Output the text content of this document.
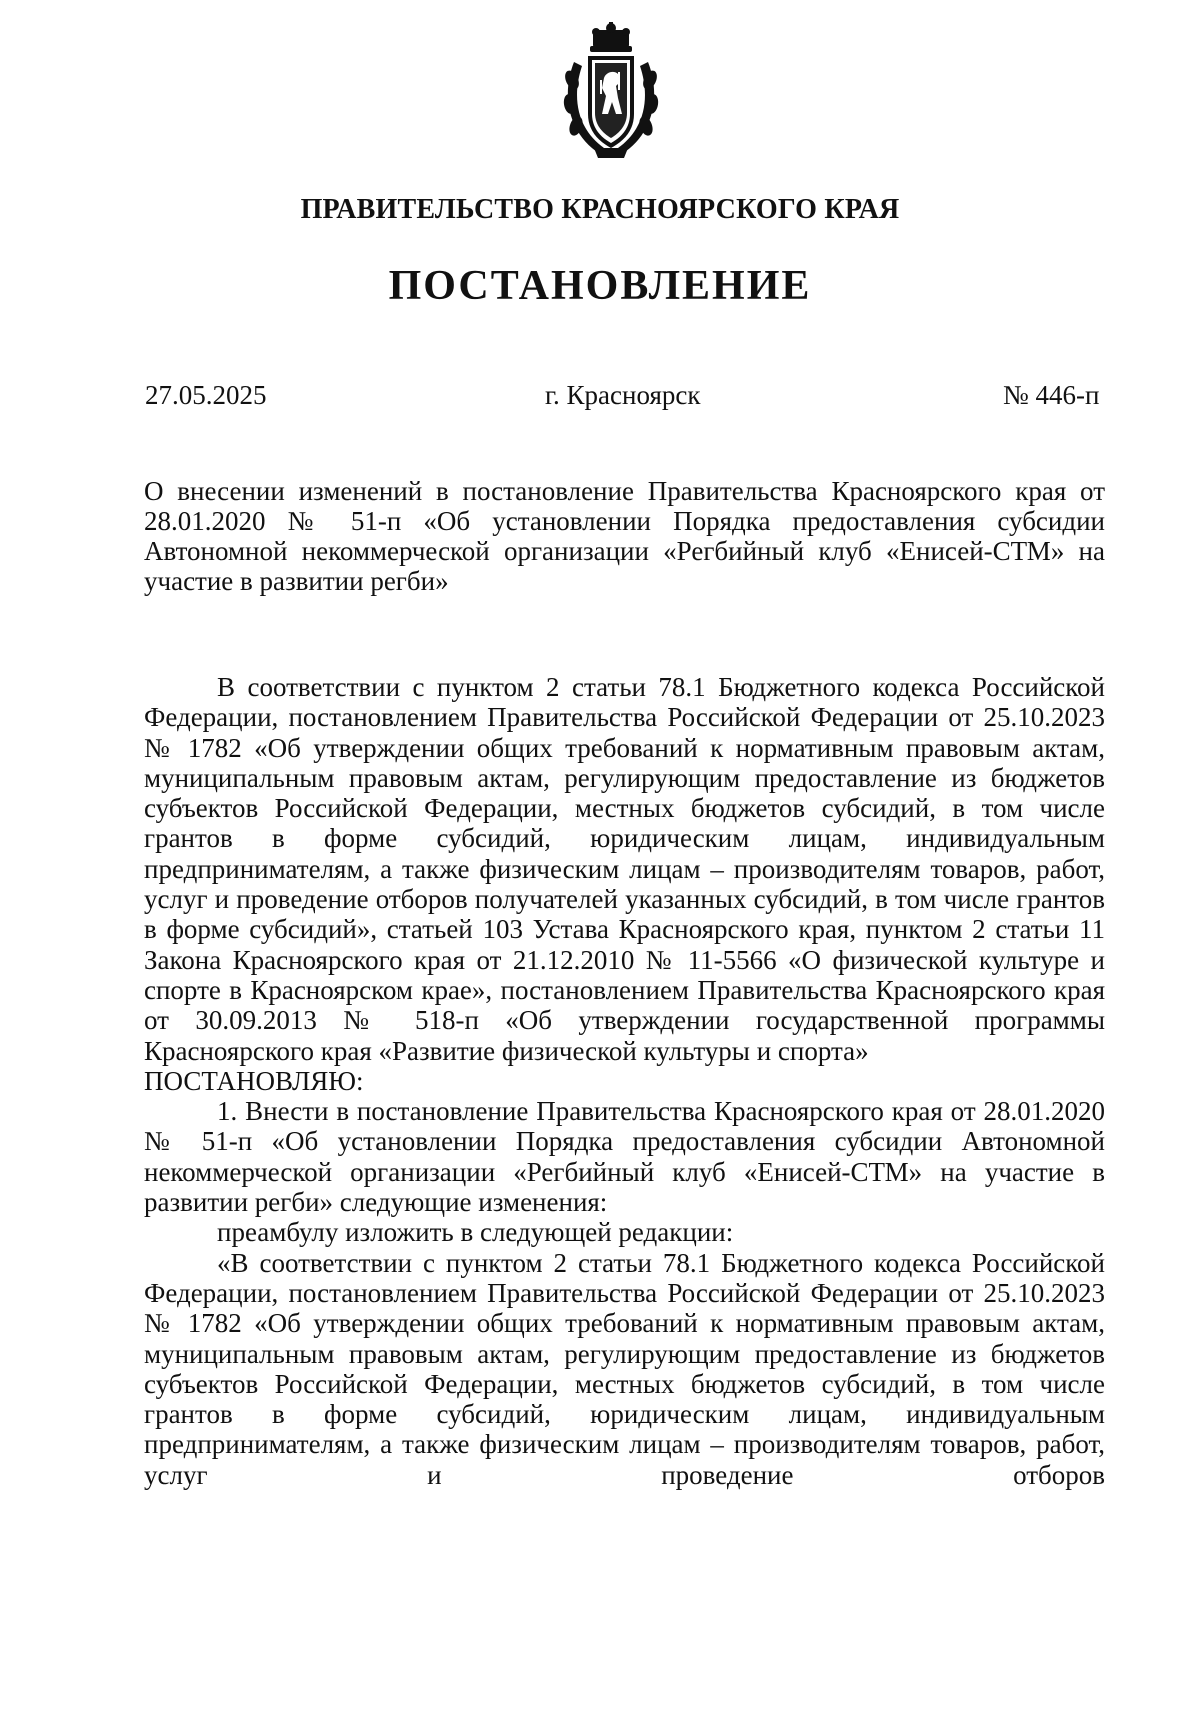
ПРАВИТЕЛЬСТВО КРАСНОЯРСКОГО КРАЯ
ПОСТАНОВЛЕНИЕ
27.05.2025	г. Красноярск	№ 446-п
О внесении изменений в постановление Правительства Красноярского края от 28.01.2020 № 51-п «Об установлении Порядка предоставления субсидии Автономной некоммерческой организации «Регбийный клуб «Енисей-СТМ» на участие в развитии регби»

В соответствии с пунктом 2 статьи 78.1 Бюджетного кодекса Российской Федерации, постановлением Правительства Российской Федерации от 25.10.2023 № 1782 «Об утверждении общих требований к нормативным правовым актам, муниципальным правовым актам, регулирующим предоставление из бюджетов субъектов Российской Федерации, местных бюджетов субсидий, в том числе грантов в форме субсидий, юридическим лицам, индивидуальным предпринимателям, а также физическим лицам – производителям товаров, работ, услуг и проведение отборов получателей указанных субсидий, в том числе грантов в форме субсидий», статьей 103 Устава Красноярского края, пунктом 2 статьи 11 Закона Красноярского края от 21.12.2010 № 11-5566 «О физической культуре и спорте в Красноярском крае», постановлением Правительства Красноярского края от 30.09.2013 № 518-п «Об утверждении государственной программы Красноярского края «Развитие физической культуры и спорта»

ПОСТАНОВЛЯЮ:

1. Внести в постановление Правительства Красноярского края от 28.01.2020 № 51-п «Об установлении Порядка предоставления субсидии Автономной некоммерческой организации «Регбийный клуб «Енисей-СТМ» на участие в развитии регби» следующие изменения:

преамбулу изложить в следующей редакции:

«В соответствии с пунктом 2 статьи 78.1 Бюджетного кодекса Российской Федерации, постановлением Правительства Российской Федерации от 25.10.2023 № 1782 «Об утверждении общих требований к нормативным правовым актам, муниципальным правовым актам, регулирующим предоставление из бюджетов субъектов Российской Федерации, местных бюджетов субсидий, в том числе грантов в форме субсидий, юридическим лицам, индивидуальным предпринимателям, а также физическим лицам – производителям товаров, работ, услуг и проведение отборов
